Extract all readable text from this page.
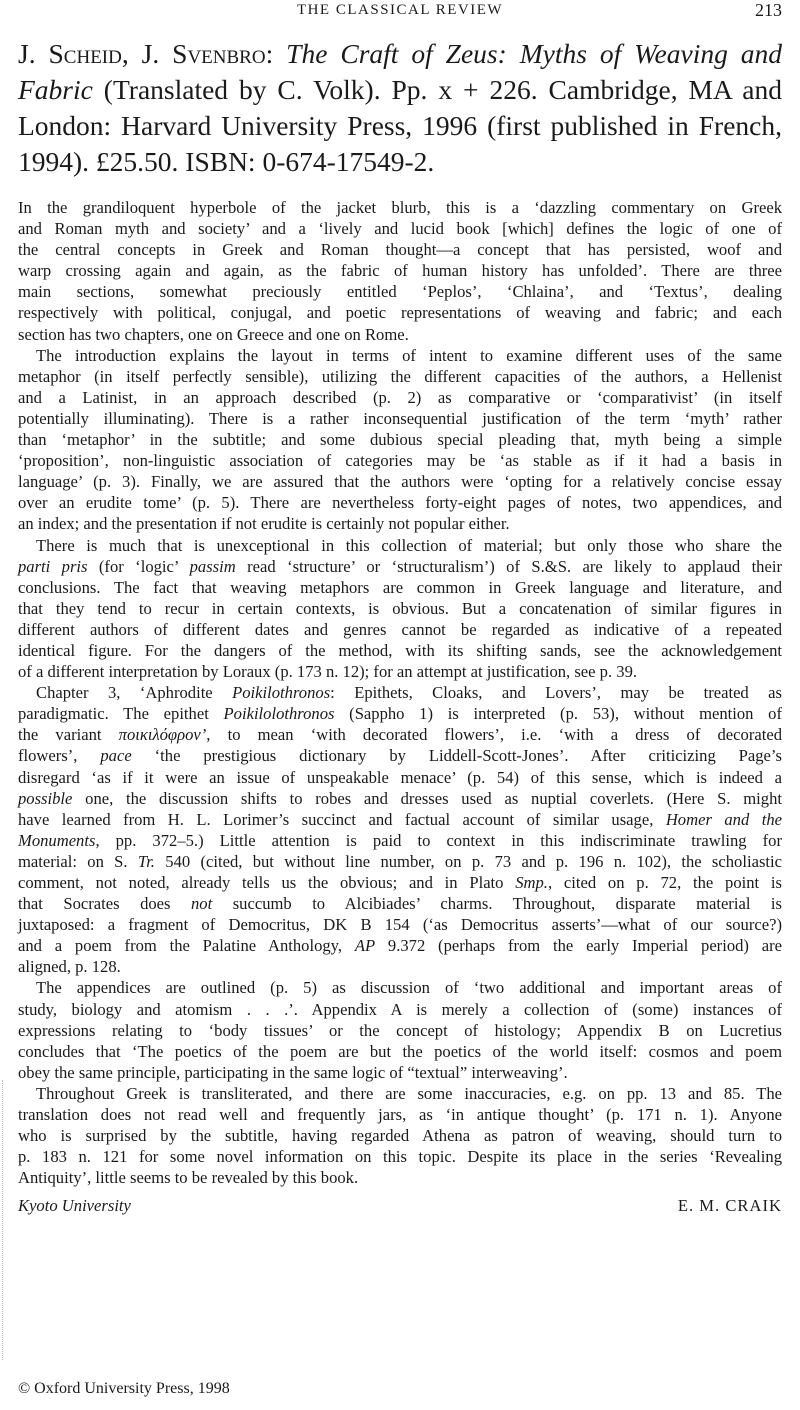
THE CLASSICAL REVIEW	213
J. Scheid, J. Svenbro: The Craft of Zeus: Myths of Weaving and
Fabric (Translated by C. Volk). Pp. x + 226. Cambridge, MA and
London: Harvard University Press, 1996 (first published in French,
1994). £25.50. ISBN: 0-674-17549-2.
In the grandiloquent hyperbole of the jacket blurb, this is a ‘dazzling commentary on Greek
and Roman myth and society’ and a ‘lively and lucid book [which] defines the logic of one of
the central concepts in Greek and Roman thought—a concept that has persisted, woof and
warp crossing again and again, as the fabric of human history has unfolded’. There are three
main sections, somewhat preciously entitled ‘Peplos’, ‘Chlaina’, and ‘Textus’, dealing
respectively with political, conjugal, and poetic representations of weaving and fabric; and each
section has two chapters, one on Greece and one on Rome.
The introduction explains the layout in terms of intent to examine different uses of the same
metaphor (in itself perfectly sensible), utilizing the different capacities of the authors, a Hellenist
and a Latinist, in an approach described (p. 2) as comparative or ‘comparativist’ (in itself
potentially illuminating). There is a rather inconsequential justification of the term ‘myth’ rather
than ‘metaphor’ in the subtitle; and some dubious special pleading that, myth being a simple
‘proposition’, non-linguistic association of categories may be ‘as stable as if it had a basis in
language’ (p. 3). Finally, we are assured that the authors were ‘opting for a relatively concise essay
over an erudite tome’ (p. 5). There are nevertheless forty-eight pages of notes, two appendices, and
an index; and the presentation if not erudite is certainly not popular either.
There is much that is unexceptional in this collection of material; but only those who share the
parti pris (for ‘logic’ passim read ‘structure’ or ‘structuralism’) of S.&S. are likely to applaud their
conclusions. The fact that weaving metaphors are common in Greek language and literature, and
that they tend to recur in certain contexts, is obvious. But a concatenation of similar figures in
different authors of different dates and genres cannot be regarded as indicative of a repeated
identical figure. For the dangers of the method, with its shifting sands, see the acknowledgement
of a different interpretation by Loraux (p. 173 n. 12); for an attempt at justification, see p. 39.
Chapter 3, ‘Aphrodite Poikilothronos: Epithets, Cloaks, and Lovers’, may be treated as
paradigmatic. The epithet Poikilolothronos (Sappho 1) is interpreted (p. 53), without mention of
the variant ποικιλόφρον’, to mean ‘with decorated flowers’, i.e. ‘with a dress of decorated
flowers’, pace ‘the prestigious dictionary by Liddell-Scott-Jones’. After criticizing Page’s
disregard ‘as if it were an issue of unspeakable menace’ (p. 54) of this sense, which is indeed a
possible one, the discussion shifts to robes and dresses used as nuptial coverlets. (Here S. might
have learned from H. L. Lorimer’s succinct and factual account of similar usage, Homer and the
Monuments, pp. 372–5.) Little attention is paid to context in this indiscriminate trawling for
material: on S. Tr. 540 (cited, but without line number, on p. 73 and p. 196 n. 102), the scholiastic
comment, not noted, already tells us the obvious; and in Plato Smp., cited on p. 72, the point is
that Socrates does not succumb to Alcibiades’ charms. Throughout, disparate material is
juxtaposed: a fragment of Democritus, DK B 154 (‘as Democritus asserts’—what of our source?)
and a poem from the Palatine Anthology, AP 9.372 (perhaps from the early Imperial period) are
aligned, p. 128.
The appendices are outlined (p. 5) as discussion of ‘two additional and important areas of
study, biology and atomism . . .’. Appendix A is merely a collection of (some) instances of
expressions relating to ‘body tissues’ or the concept of histology; Appendix B on Lucretius
concludes that ‘The poetics of the poem are but the poetics of the world itself: cosmos and poem
obey the same principle, participating in the same logic of “textual” interweaving’.
Throughout Greek is transliterated, and there are some inaccuracies, e.g. on pp. 13 and 85. The
translation does not read well and frequently jars, as ‘in antique thought’ (p. 171 n. 1). Anyone
who is surprised by the subtitle, having regarded Athena as patron of weaving, should turn to
p. 183 n. 121 for some novel information on this topic. Despite its place in the series ‘Revealing
Antiquity’, little seems to be revealed by this book.
Kyoto University	E. M. CRAIK
© Oxford University Press, 1998
